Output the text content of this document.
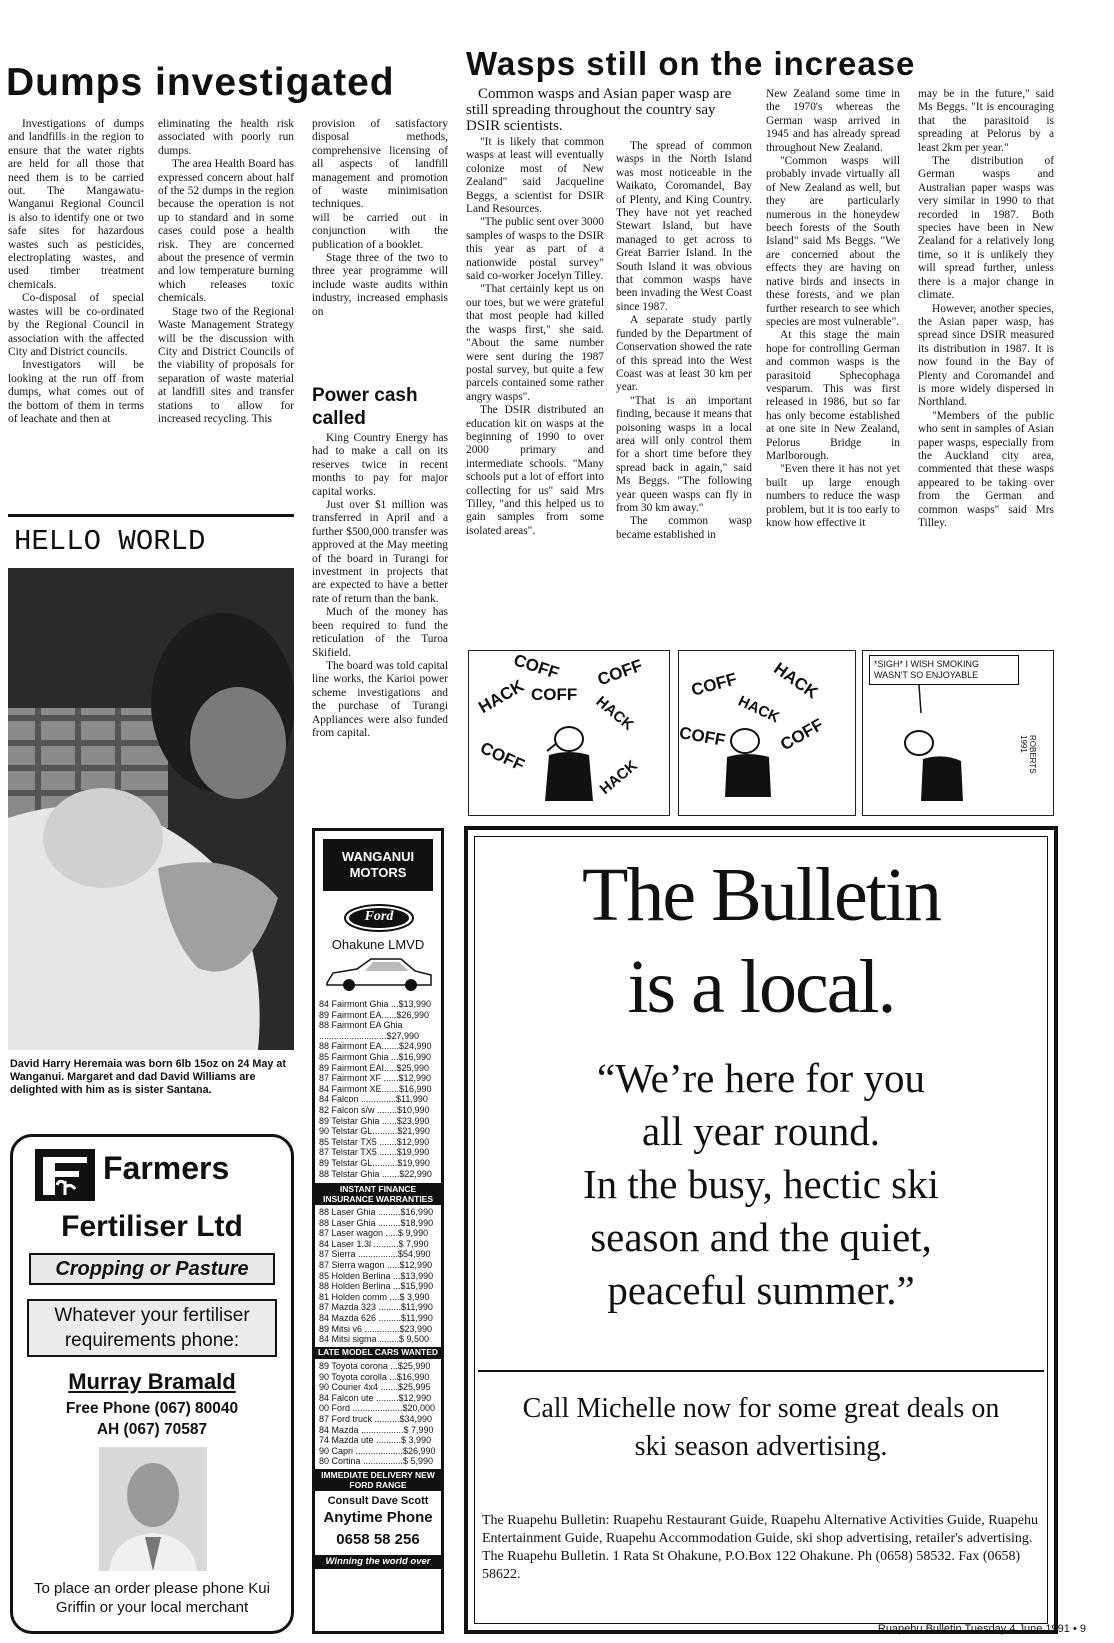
Dumps investigated

Investigations of dumps and landfills in the region to ensure that the water rights are held for all those that need them is to be carried out. The Mangawatu-Wanganui Regional Council is also to identify one or two safe sites for hazardous wastes such as pesticides, electroplating wastes, and used timber treatment chemicals.

Co-disposal of special wastes will be co-ordinated by the Regional Council in association with the affected City and District councils.

Investigators will be looking at the run off from dumps, what comes out of the bottom of them in terms of leachate and then at

eliminating the health risk associated with poorly run dumps.

The area Health Board has expressed concern about half of the 52 dumps in the region because the operation is not up to standard and in some cases could pose a health risk. They are concerned about the presence of vermin and low temperature burning which releases toxic chemicals.

Stage two of the Regional Waste Management Strategy will be the discussion with City and District Councils of the viability of proposals for separation of waste material at landfill sites and transfer stations to allow for increased recycling. This

provision of satisfactory disposal methods, comprehensive licensing of all aspects of landfill management and promotion of waste minimisation techniques.

will be carried out in conjunction with the publication of a booklet.

Stage three of the two to three year programme will include waste audits within industry, increased emphasis on

Power cash called

King Country Energy has had to make a call on its reserves twice in recent months to pay for major capital works.

Just over $1 million was transferred in April and a further $500,000 transfer was approved at the May meeting of the board in Turangi for investment in projects that are expected to have a better rate of return than the bank.

Much of the money has been required to fund the reticulation of the Turoa Skifield.

The board was told capital line works, the Karioi power scheme investigations and the purchase of Turangi Appliances were also funded from capital.

HELLO WORLD
David Harry Heremaia was born 6lb 15oz on 24 May at Wanganui. Margaret and dad David Williams are delighted with him as is sister Santana.
Farmers
Fertiliser Ltd
Cropping or Pasture
Whatever your fertiliser requirements phone:
Murray Bramald
Free Phone (067) 80040
AH (067) 70587
To place an order please phone Kui Griffin or your local merchant
WANGANUI MOTORS
Ford
Ohakune LMVD
84 Fairmont Ghia ...$13,990
89 Fairmont EA......$26,990
88 Fairmont EA Ghia
...........................$27,990
88 Fairmont EA.......$24,990
85 Fairmont Ghia ...$16,990
89 Fairmont EAI.....$25,990
87 Fairmont XF ......$12,990
84 Fairmont XE.......$16,990
84 Falcon ..............$11,990
82 Falcon s/w ........$10,990
89 Telstar Ghia ......$23,990
90 Telstar GL..........$21,990
85 Telstar TX5 .......$12,990
87 Telstar TX5 .......$19,990
89 Telstar GL..........$19,990
88 Telstar Ghia .......$22,990
INSTANT FINANCE INSURANCE WARRANTIES
88 Laser Ghia .........$16,990
88 Laser Ghia .........$18,990
87 Laser wagon .....$ 9,990
84 Laser 1.3l ..........$ 7,990
87 Sierra ................$54,990
87 Sierra wagon .....$12,990
85 Holden Berlina ...$13,990
88 Holden Berlina ...$15,990
81 Holden comm ....$ 3,990
87 Mazda 323 .........$11,990
84 Mazda 626 .........$11,990
89 Mitsi v6 ..............$23,990
84 Mitsi sigma ........$ 9,500
LATE MODEL CARS WANTED
89 Toyota corona ...$25,990
90 Toyota corolla ...$16,990
90 Courier 4x4 .......$25,995
84 Falcon ute .........$12,990
00 Ford ....................$20,000
87 Ford truck ..........$34,990
84 Mazda .................$ 7,990
74 Mazda ute ..........$ 3,990
90 Capri ...................$26,990
80 Cortina ................$ 5,990
IMMEDIATE DELIVERY NEW FORD RANGE
Consult Dave Scott
Anytime Phone
0658 58 256
Winning the world over
Wasps still on the increase
Common wasps and Asian paper wasp are still spreading throughout the country say DSIR scientists.

"It is likely that common wasps at least will eventually colonize most of New Zealand" said Jacqueline Beggs, a scientist for DSIR Land Resources.

"The public sent over 3000 samples of wasps to the DSIR this year as part of a nationwide postal survey" said co-worker Jocelyn Tilley.

"That certainly kept us on our toes, but we were grateful that most people had killed the wasps first," she said. "About the same number were sent during the 1987 postal survey, but quite a few parcels contained some rather angry wasps".

The DSIR distributed an education kit on wasps at the beginning of 1990 to over 2000 primary and intermediate schools. "Many schools put a lot of effort into collecting for us" said Mrs Tilley, "and this helped us to gain samples from some isolated areas".

The spread of common wasps in the North Island was most noticeable in the Waikato, Coromandel, Bay of Plenty, and King Country. They have not yet reached Stewart Island, but have managed to get across to Great Barrier Island. In the South Island it was obvious that common wasps have been invading the West Coast since 1987.

A separate study partly funded by the Department of Conservation showed the rate of this spread into the West Coast was at least 30 km per year.

"That is an important finding, because it means that poisoning wasps in a local area will only control them for a short time before they spread back in again," said Ms Beggs. "The following year queen wasps can fly in from 30 km away."

The common wasp became established in

New Zealand some time in the 1970's whereas the German wasp arrived in 1945 and has already spread throughout New Zealand.

"Common wasps will probably invade virtually all of New Zealand as well, but they are particularly numerous in the honeydew beech forests of the South Island" said Ms Beggs. "We are concerned about the effects they are having on native birds and insects in these forests, and we plan further research to see which species are most vulnerable".

At this stage the main hope for controlling German and common wasps is the parasitoid Sphecophaga vesparum. This was first released in 1986, but so far has only become established at one site in New Zealand, Pelorus Bridge in Marlborough.

"Even there it has not yet built up large enough numbers to reduce the wasp problem, but it is too early to know how effective it

may be in the future," said Ms Beggs. "It is encouraging that the parasitoid is spreading at Pelorus by a least 2km per year."

The distribution of German wasps and Australian paper wasps was very similar in 1990 to that recorded in 1987. Both species have been in New Zealand for a relatively long time, so it is unlikely they will spread further, unless there is a major change in climate.

However, another species, the Asian paper wasp, has spread since DSIR measured its distribution in 1987. It is now found in the Bay of Plenty and Coromandel and is more widely dispersed in Northland.

"Members of the public who sent in samples of Asian paper wasps, especially from the Auckland city area, commented that these wasps appeared to be taking over from the German and common wasps" said Mrs Tilley.

COFF
HACK COFF
COFF
HACK
COFF
HACK
COFF HACK
HACK
COFF	COFF
*SIGH* I WISH SMOKING WASN'T SO ENJOYABLE
ROBERTS 1991
The Bulletin
is a local.
“We’re here for you
all year round.
In the busy, hectic ski
season and the quiet,
peaceful summer.”
Call Michelle now for some great deals on
ski season advertising.
The Ruapehu Bulletin: Ruapehu Restaurant Guide, Ruapehu Alternative Activities Guide, Ruapehu Entertainment Guide, Ruapehu Accommodation Guide, ski shop advertising, retailer's advertising. The Ruapehu Bulletin. 1 Rata St Ohakune, P.O.Box 122 Ohakune. Ph (0658) 58532. Fax (0658) 58622.
Ruapehu Bulletin Tuesday 4 June 1991 • 9
